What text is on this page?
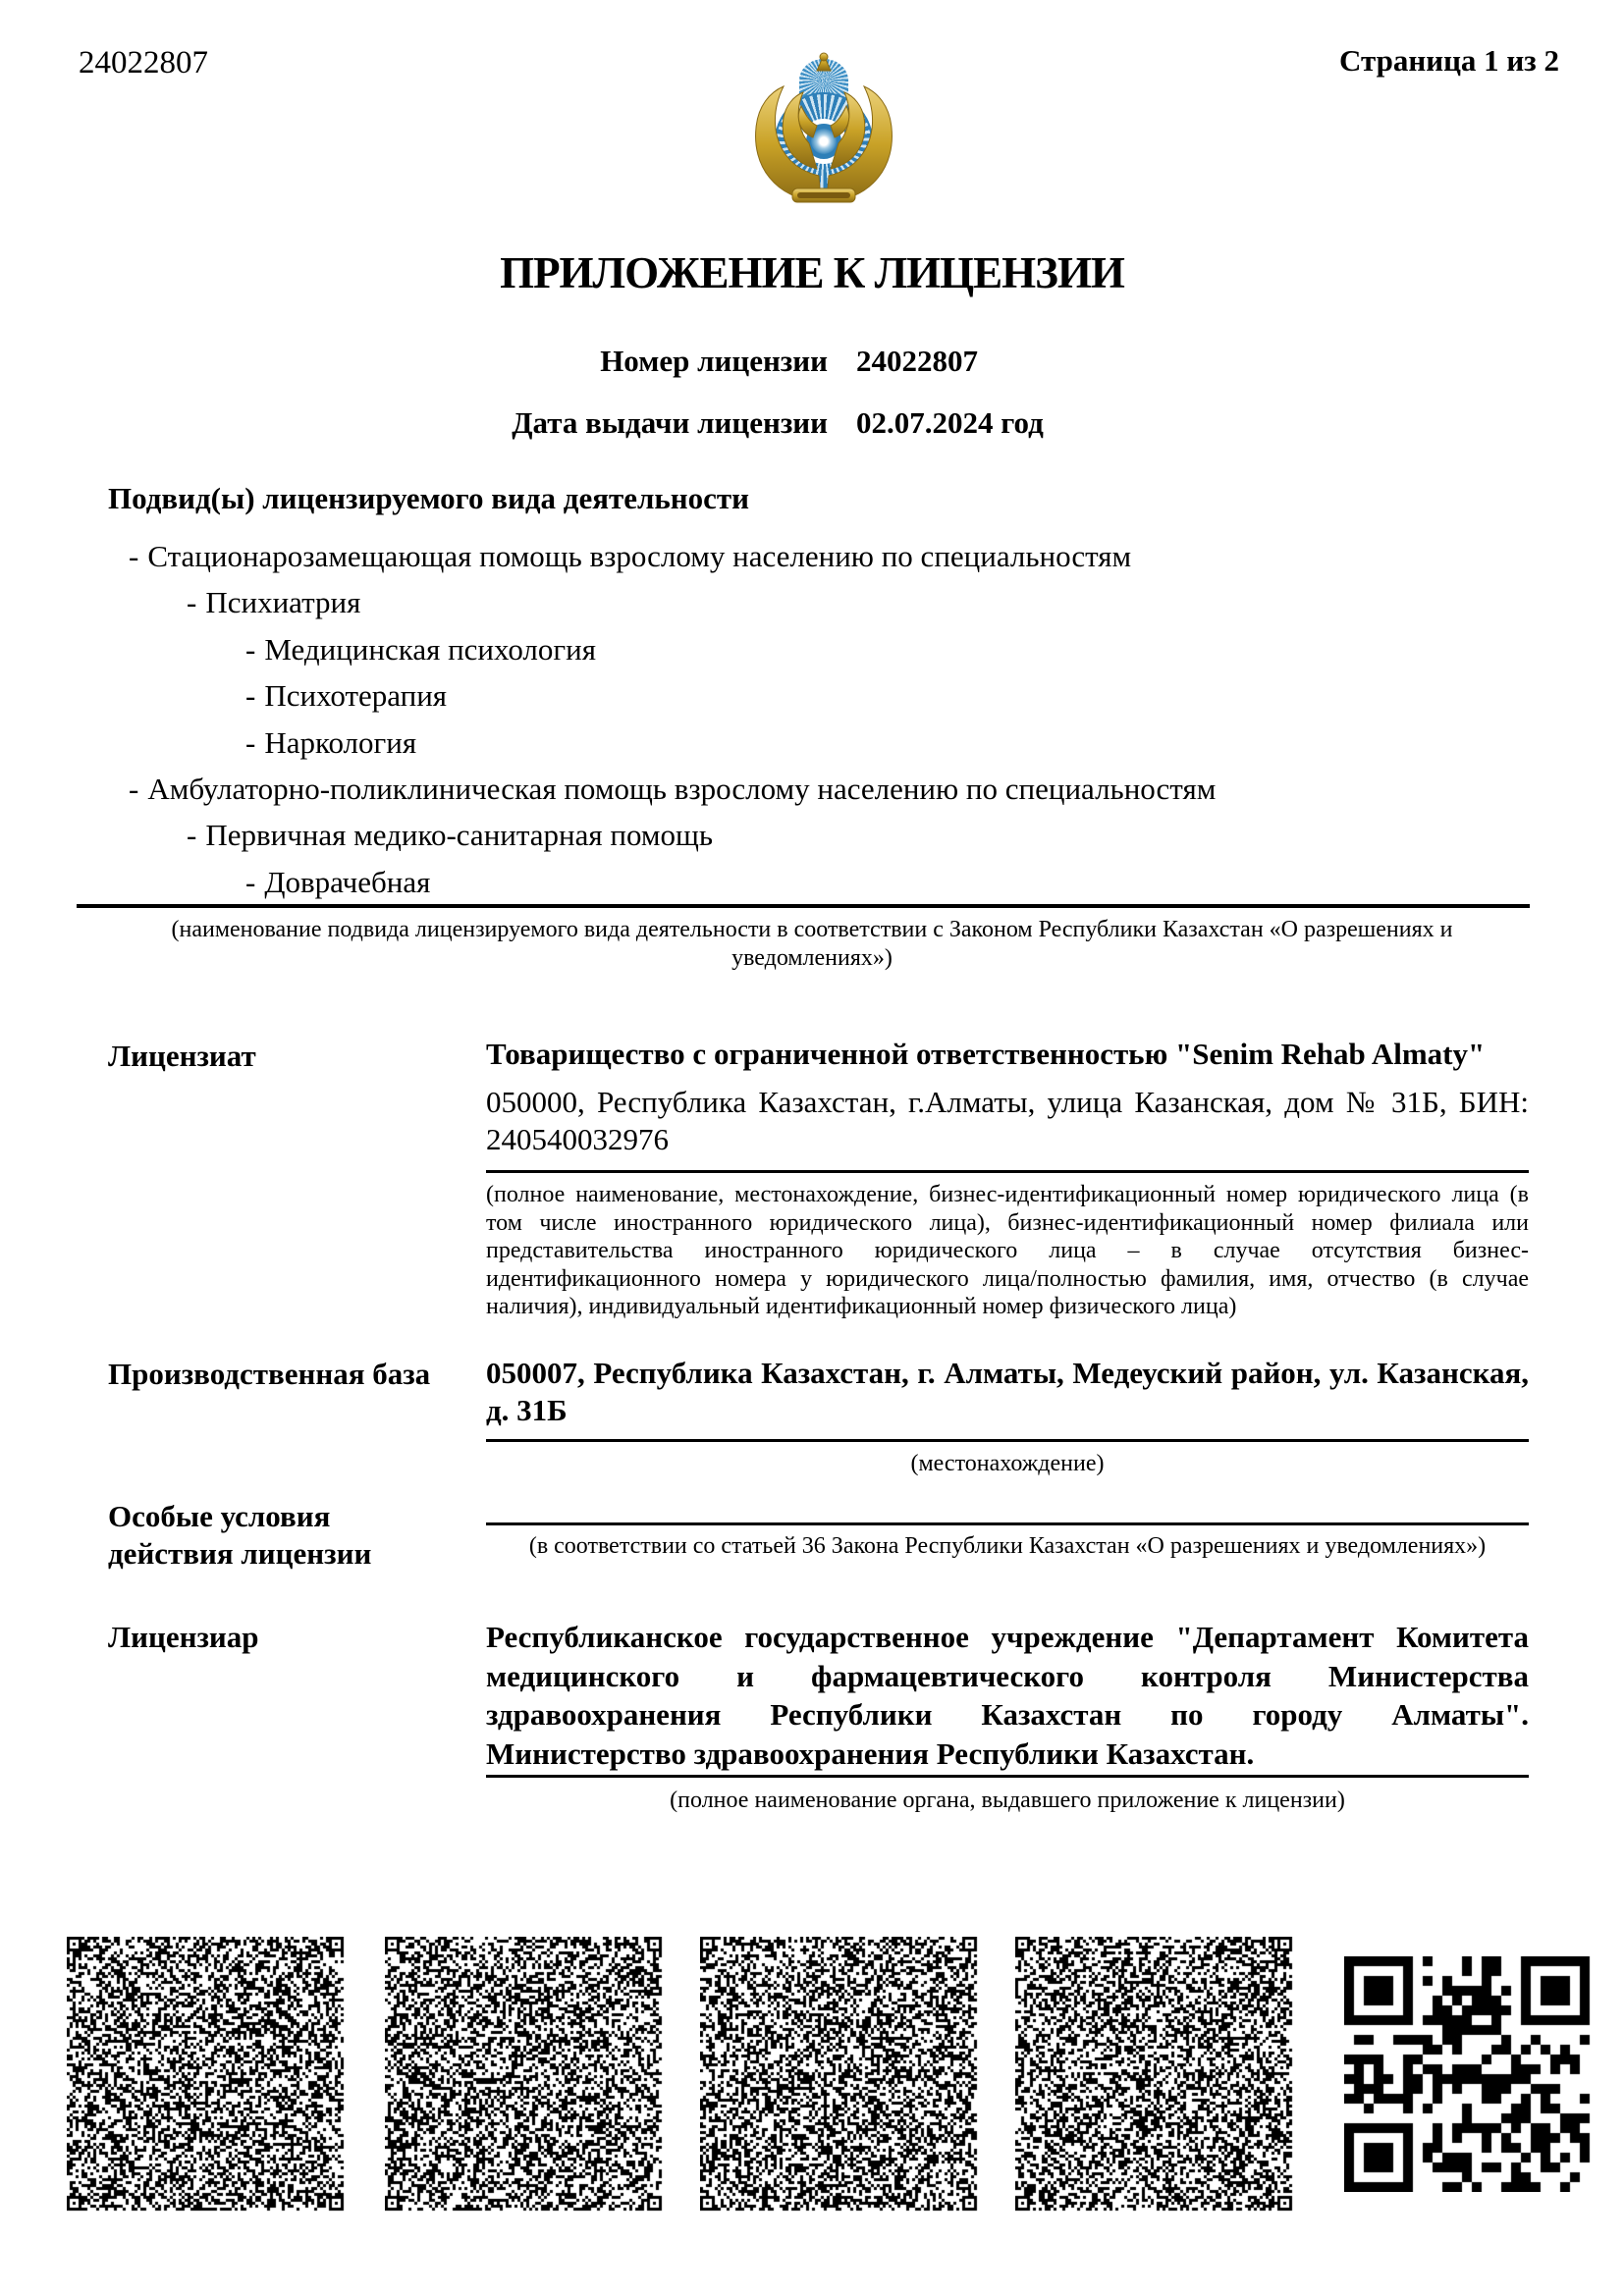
24022807	Страница 1 из 2
ПРИЛОЖЕНИЕ К ЛИЦЕНЗИИ
Номер лицензии 24022807
Дата выдачи лицензии 02.07.2024 год
Подвид(ы) лицензируемого вида деятельности
- Стационарозамещающая помощь взрослому населению по специальностям
- Психиатрия
- Медицинская психология
- Психотерапия
- Наркология
- Амбулаторно-поликлиническая помощь взрослому населению по специальностям
- Первичная медико-санитарная помощь
- Доврачебная
(наименование подвида лицензируемого вида деятельности в соответствии с Законом Республики Казахстан «О разрешениях и уведомлениях»)
Лицензиат	Товарищество с ограниченной ответственностью "Senim Rehab Almaty"
050000, Республика Казахстан, г.Алматы, улица Казанская, дом № 31Б, БИН: 240540032976
(полное наименование, местонахождение, бизнес-идентификационный номер юридического лица (в том числе иностранного юридического лица), бизнес-идентификационный номер филиала или представительства иностранного юридического лица – в случае отсутствия бизнес-идентификационного номера у юридического лица/полностью фамилия, имя, отчество (в случае наличия), индивидуальный идентификационный номер физического лица)
Производственная база 050007, Республика Казахстан, г. Алматы, Медеуский район, ул. Казанская, д. 31Б
(местонахождение)
Особые условия действия лицензии	(в соответствии со статьей 36 Закона Республики Казахстан «О разрешениях и уведомлениях»)
Лицензиар	Республиканское государственное учреждение "Департамент Комитета медицинского и фармацевтического контроля Министерства здравоохранения Республики Казахстан по городу Алматы". Министерство здравоохранения Республики Казахстан.
(полное наименование органа, выдавшего приложение к лицензии)
